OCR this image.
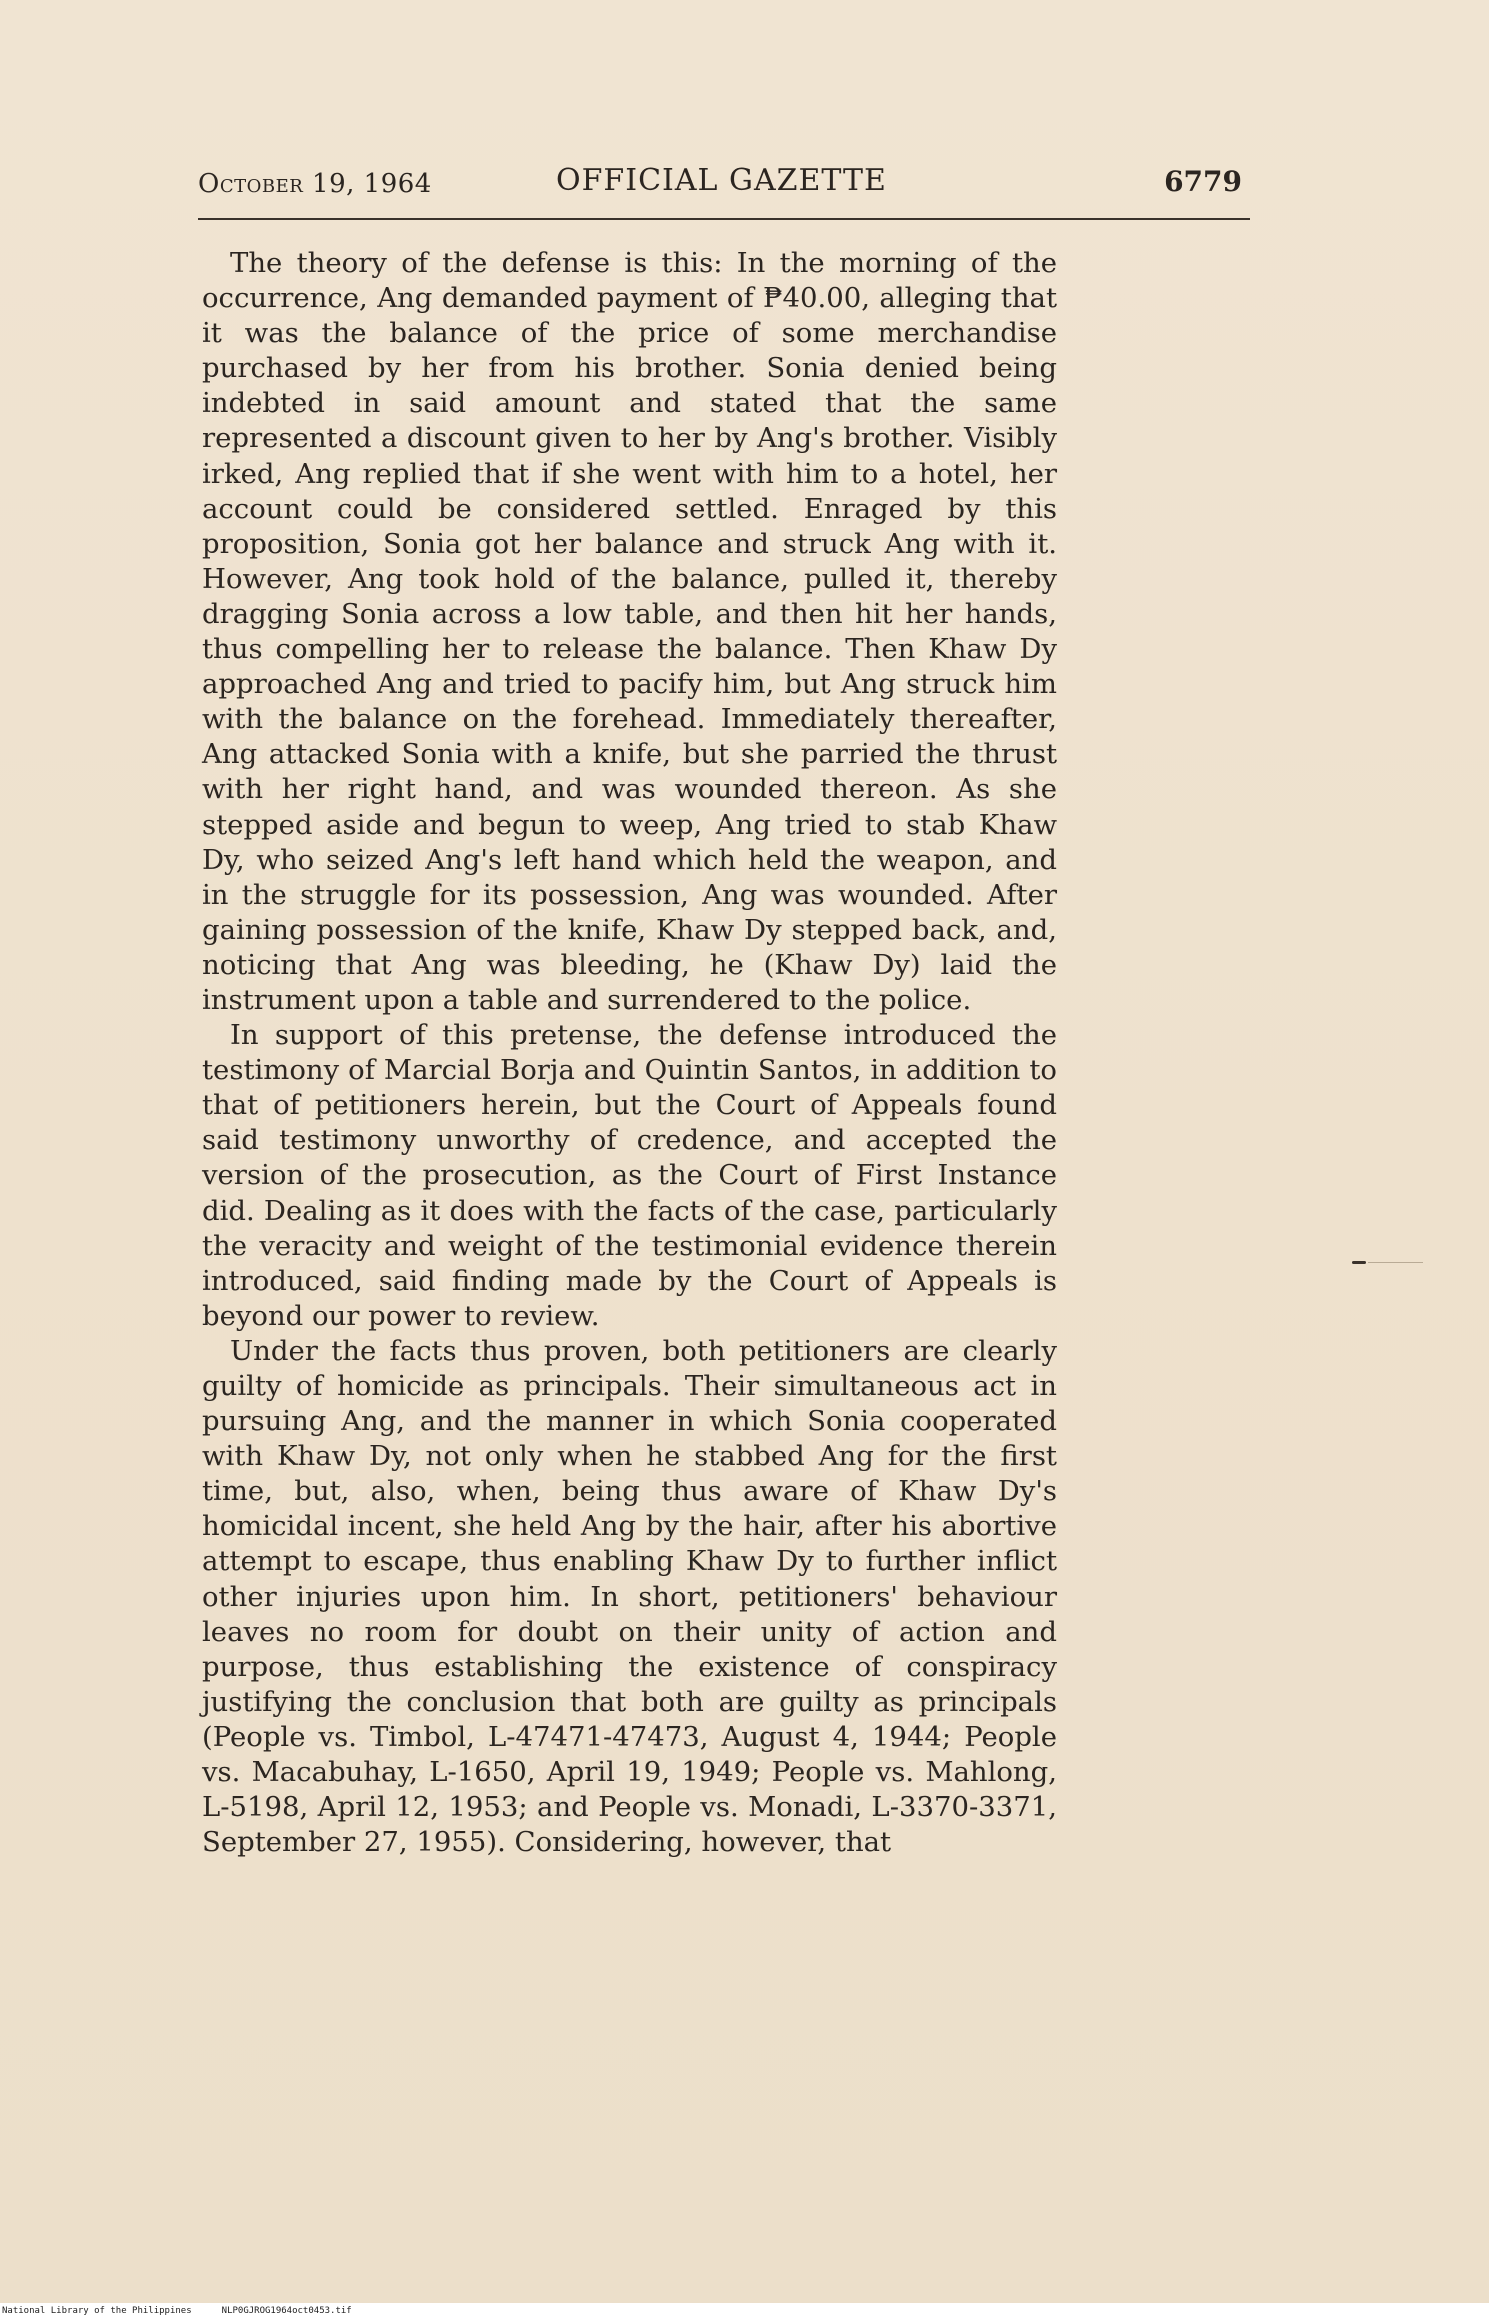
October 19, 1964	OFFICIAL GAZETTE	6779

The theory of the defense is this: In the morning of the occurrence, Ang demanded payment of ₱40.00, alleging that it was the balance of the price of some merchandise purchased by her from his brother. Sonia denied being indebted in said amount and stated that the same represented a discount given to her by Ang's brother. Visibly irked, Ang replied that if she went with him to a hotel, her account could be considered settled. Enraged by this proposition, Sonia got her balance and struck Ang with it. However, Ang took hold of the balance, pulled it, thereby dragging Sonia across a low table, and then hit her hands, thus compelling her to release the balance. Then Khaw Dy approached Ang and tried to pacify him, but Ang struck him with the balance on the forehead. Immediately thereafter, Ang attacked Sonia with a knife, but she parried the thrust with her right hand, and was wounded thereon. As she stepped aside and begun to weep, Ang tried to stab Khaw Dy, who seized Ang's left hand which held the weapon, and in the struggle for its possession, Ang was wounded. After gaining possession of the knife, Khaw Dy stepped back, and, noticing that Ang was bleeding, he (Khaw Dy) laid the instrument upon a table and surrendered to the police.

In support of this pretense, the defense introduced the testimony of Marcial Borja and Quintin Santos, in addition to that of petitioners herein, but the Court of Appeals found said testimony unworthy of credence, and accepted the version of the prosecution, as the Court of First Instance did. Dealing as it does with the facts of the case, particularly the veracity and weight of the testimonial evidence therein introduced, said finding made by the Court of Appeals is beyond our power to review.

Under the facts thus proven, both petitioners are clearly guilty of homicide as principals. Their simultaneous act in pursuing Ang, and the manner in which Sonia cooperated with Khaw Dy, not only when he stabbed Ang for the first time, but, also, when, being thus aware of Khaw Dy's homicidal incent, she held Ang by the hair, after his abortive attempt to escape, thus enabling Khaw Dy to further inflict other injuries upon him. In short, petitioners' behaviour leaves no room for doubt on their unity of action and purpose, thus establishing the existence of conspiracy justifying the conclusion that both are guilty as principals (People vs. Timbol, L-47471-47473, August 4, 1944; People vs. Macabuhay, L-1650, April 19, 1949; People vs. Mahlong, L-5198, April 12, 1953; and People vs. Monadi, L-3370-3371, September 27, 1955). Considering, however, that

National Library of the Philippines	NLP0GJROG1964oct0453.tif
